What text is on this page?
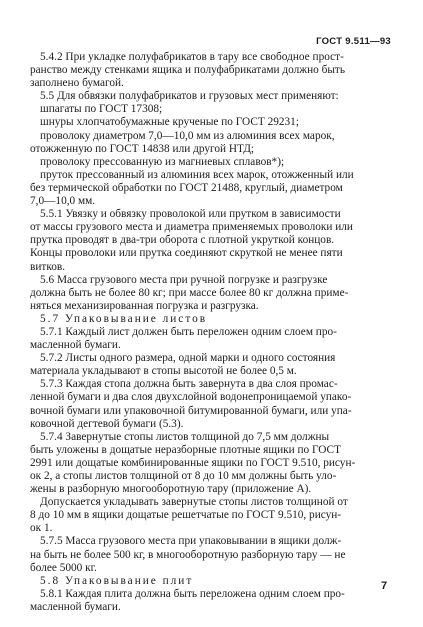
ГОСТ 9.511—93
5.4.2 При укладке полуфабрикатов в тару все свободное прост-
ранство между стенками ящика и полуфабрикатами должно быть
заполнено бумагой.
5.5 Для обвязки полуфабрикатов и грузовых мест применяют:
шпагаты по ГОСТ 17308;
шнуры хлопчатобумажные крученые по ГОСТ 29231;
проволоку диаметром 7,0—10,0 мм из алюминия всех марок,
отожженную по ГОСТ 14838 или другой НТД;
проволоку прессованную из магниевых сплавов*);
пруток прессованный из алюминия всех марок, отожженный или
без термической обработки по ГОСТ 21488, круглый, диаметром
7,0—10,0 мм.
5.5.1 Увязку и обвязку проволокой или прутком в зависимости
от массы грузового места и диаметра применяемых проволоки или
прутка проводят в два-три оборота с плотной укруткой концов.
Концы проволоки или прутка соединяют скруткой не менее пяти
витков.
5.6 Масса грузового места при ручной погрузке и разгрузке
должна быть не более 80 кг; при массе более 80 кг должна приме-
няться механизированная погрузка и разгрузка.
5.7 Упаковывание листов
5.7.1 Каждый лист должен быть переложен одним слоем про-
масленной бумаги.
5.7.2 Листы одного размера, одной марки и одного состояния
материала укладывают в стопы высотой не более 0,5 м.
5.7.3 Каждая стопа должна быть завернута в два слоя промас-
ленной бумаги и два слоя двухслойной водонепроницаемой упако-
вочной бумаги или упаковочной битумированной бумаги, или упа-
ковочной дегтевой бумаги (5.3).
5.7.4 Завернутые стопы листов толщиной до 7,5 мм должны
быть уложены в дощатые неразборные плотные ящики по ГОСТ
2991 или дощатые комбинированные ящики по ГОСТ 9.510, рисун-
ок 2, а стопы листов толщиной от 8 до 10 мм должны быть уло-
жены в разборную многооборотную тару (приложение А).
Допускается укладывать завернутые стопы листов толщиной от
8 до 10 мм в ящики дощатые решетчатые по ГОСТ 9.510, рисун-
ок 1.
5.7.5 Масса грузового места при упаковывании в ящики долж-
на быть не более 500 кг, в многооборотную разборную тару — не
более 5000 кг.
5.8 Упаковывание плит
5.8.1 Каждая плита должна быть переложена одним слоем про-
масленной бумаги.
7
